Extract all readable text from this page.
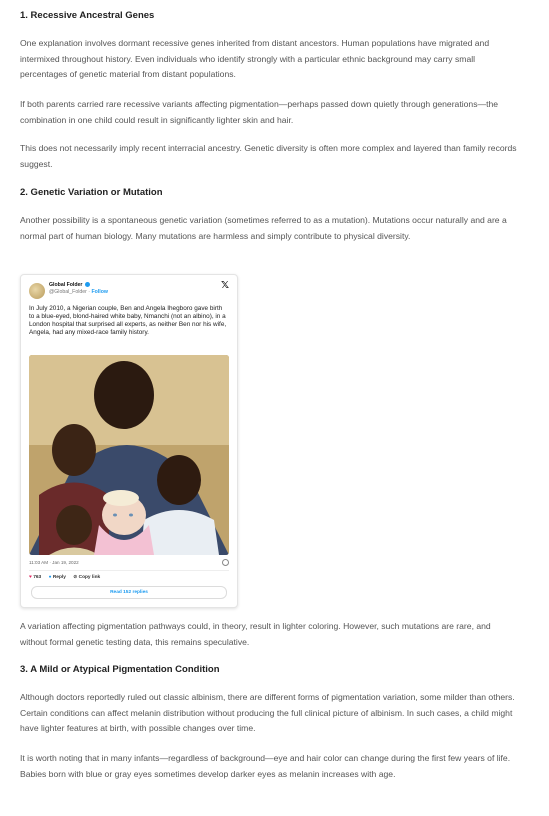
1. Recessive Ancestral Genes

One explanation involves dormant recessive genes inherited from distant ancestors. Human populations have migrated and intermixed throughout history. Even individuals who identify strongly with a particular ethnic background may carry small percentages of genetic material from distant populations.

If both parents carried rare recessive variants affecting pigmentation—perhaps passed down quietly through generations—the combination in one child could result in significantly lighter skin and hair.

This does not necessarily imply recent interracial ancestry. Genetic diversity is often more complex and layered than family records suggest.

2. Genetic Variation or Mutation

Another possibility is a spontaneous genetic variation (sometimes referred to as a mutation). Mutations occur naturally and are a normal part of human biology. Many mutations are harmless and simply contribute to physical diversity.

Global Folder
@Global_Folder · Follow
𝕏

In July 2010, a Nigerian couple, Ben and Angela Ihegboro gave birth to a blue-eyed, blond-haired white baby, Nmanchi (not an albino), in a London hospital that surprised all experts, as neither Ben nor his wife, Angela, had any mixed-race family history.

11:03 AM · Jan 19, 2022
♥ 763 ● Reply ⊘ Copy link
Read 152 replies

A variation affecting pigmentation pathways could, in theory, result in lighter coloring. However, such mutations are rare, and without formal genetic testing data, this remains speculative.

3. A Mild or Atypical Pigmentation Condition

Although doctors reportedly ruled out classic albinism, there are different forms of pigmentation variation, some milder than others. Certain conditions can affect melanin distribution without producing the full clinical picture of albinism. In such cases, a child might have lighter features at birth, with possible changes over time.

It is worth noting that in many infants—regardless of background—eye and hair color can change during the first few years of life. Babies born with blue or gray eyes sometimes develop darker eyes as melanin increases with age.
